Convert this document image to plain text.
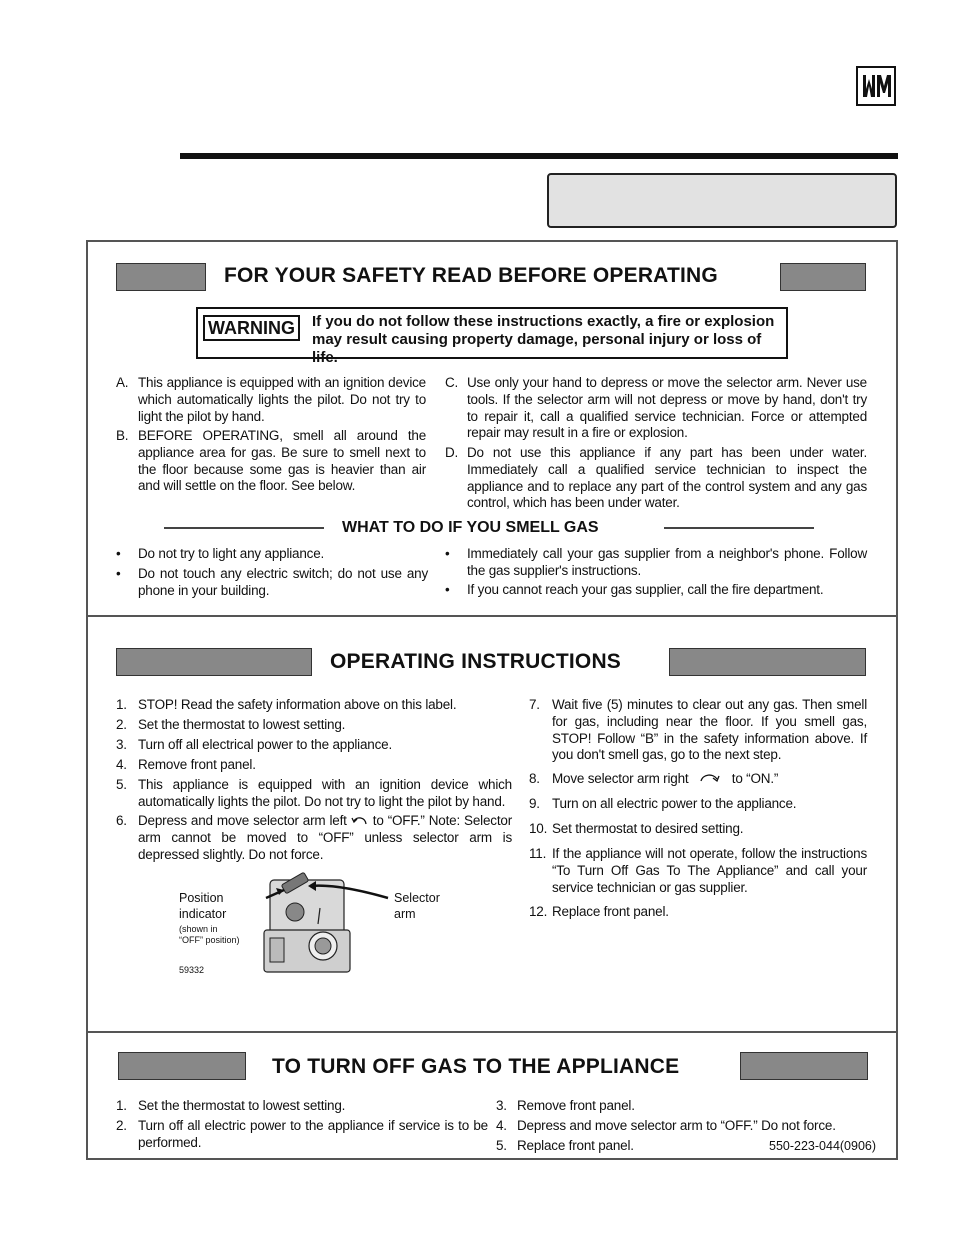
FOR YOUR SAFETY READ BEFORE OPERATING
WARNING	If you do not follow these instructions exactly, a fire or explosion may result causing property damage, personal injury or loss of life.
A. This appliance is equipped with an ignition device which automatically lights the pilot. Do not try to light the pilot by hand.
B. BEFORE OPERATING, smell all around the appliance area for gas. Be sure to smell next to the floor because some gas is heavier than air and will settle on the floor. See below.
C. Use only your hand to depress or move the selector arm. Never use tools. If the selector arm will not depress or move by hand, don't try to repair it, call a qualified service technician. Force or attempted repair may result in a fire or explosion.
D. Do not use this appliance if any part has been under water. Immediately call a qualified service technician to inspect the appliance and to replace any part of the control system and any gas control, which has been under water.
WHAT TO DO IF YOU SMELL GAS
• Do not try to light any appliance.
• Do not touch any electric switch; do not use any phone in your building.
• Immediately call your gas supplier from a neighbor's phone. Follow the gas supplier's instructions.
• If you cannot reach your gas supplier, call the fire department.
OPERATING INSTRUCTIONS
1. STOP! Read the safety information above on this label.
2. Set the thermostat to lowest setting.
3. Turn off all electrical power to the appliance.
4. Remove front panel.
5. This appliance is equipped with an ignition device which automatically lights the pilot. Do not try to light the pilot by hand.
6. Depress and move selector arm left to “OFF.” Note: Selector arm cannot be moved to “OFF” unless selector arm is depressed slightly. Do not force.
Position
indicator
(shown in
“OFF” position)
Selector
arm
59332
7. Wait five (5) minutes to clear out any gas. Then smell for gas, including near the floor. If you smell gas, STOP! Follow “B” in the safety information above. If you don't smell gas, go to the next step.
8. Move selector arm right	to “ON.”
9. Turn on all electric power to the appliance.
10. Set thermostat to desired setting.
11. If the appliance will not operate, follow the instructions “To Turn Off Gas To The Appliance” and call your service technician or gas supplier.
12. Replace front panel.
TO TURN OFF GAS TO THE APPLIANCE
1. Set the thermostat to lowest setting.
2. Turn off all electric power to the appliance if service is to be performed.
3. Remove front panel.
4. Depress and move selector arm to “OFF.” Do not force.
5. Replace front panel.	550-223-044(0906)
